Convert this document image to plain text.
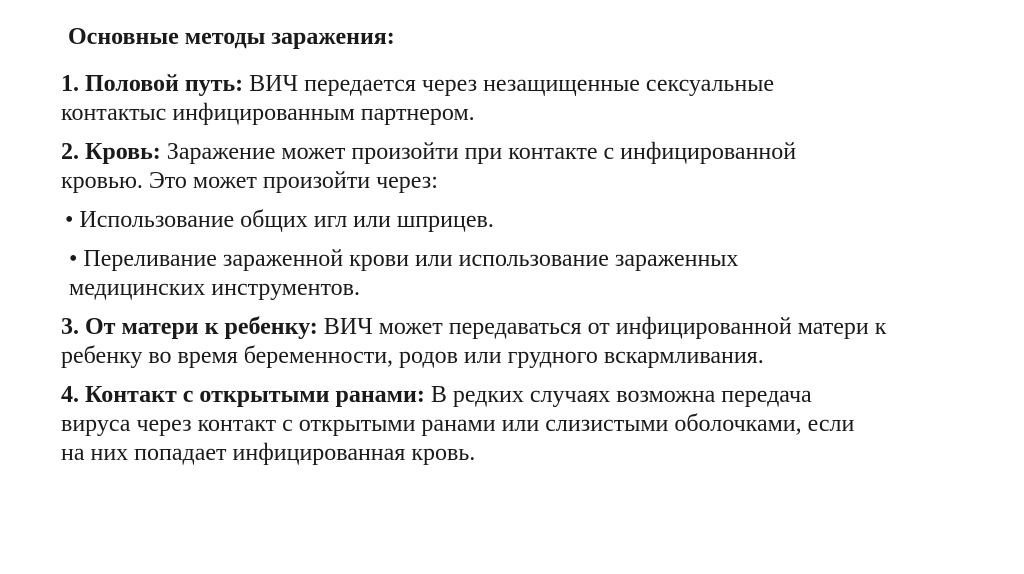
Основные методы заражения:

1. Половой путь: ВИЧ передается через незащищенные сексуальные контактыс инфицированным партнером.

2. Кровь: Заражение может произойти при контакте с инфицированной кровью. Это может произойти через:

• Использование общих игл или шприцев.

• Переливание зараженной крови или использование зараженных медицинских инструментов.

3. От матери к ребенку: ВИЧ может передаваться от инфицированной матери к ребенку во время беременности, родов или грудного вскармливания.

4. Контакт с открытыми ранами: В редких случаях возможна передача вируса через контакт с открытыми ранами или слизистыми оболочками, если на них попадает инфицированная кровь.
